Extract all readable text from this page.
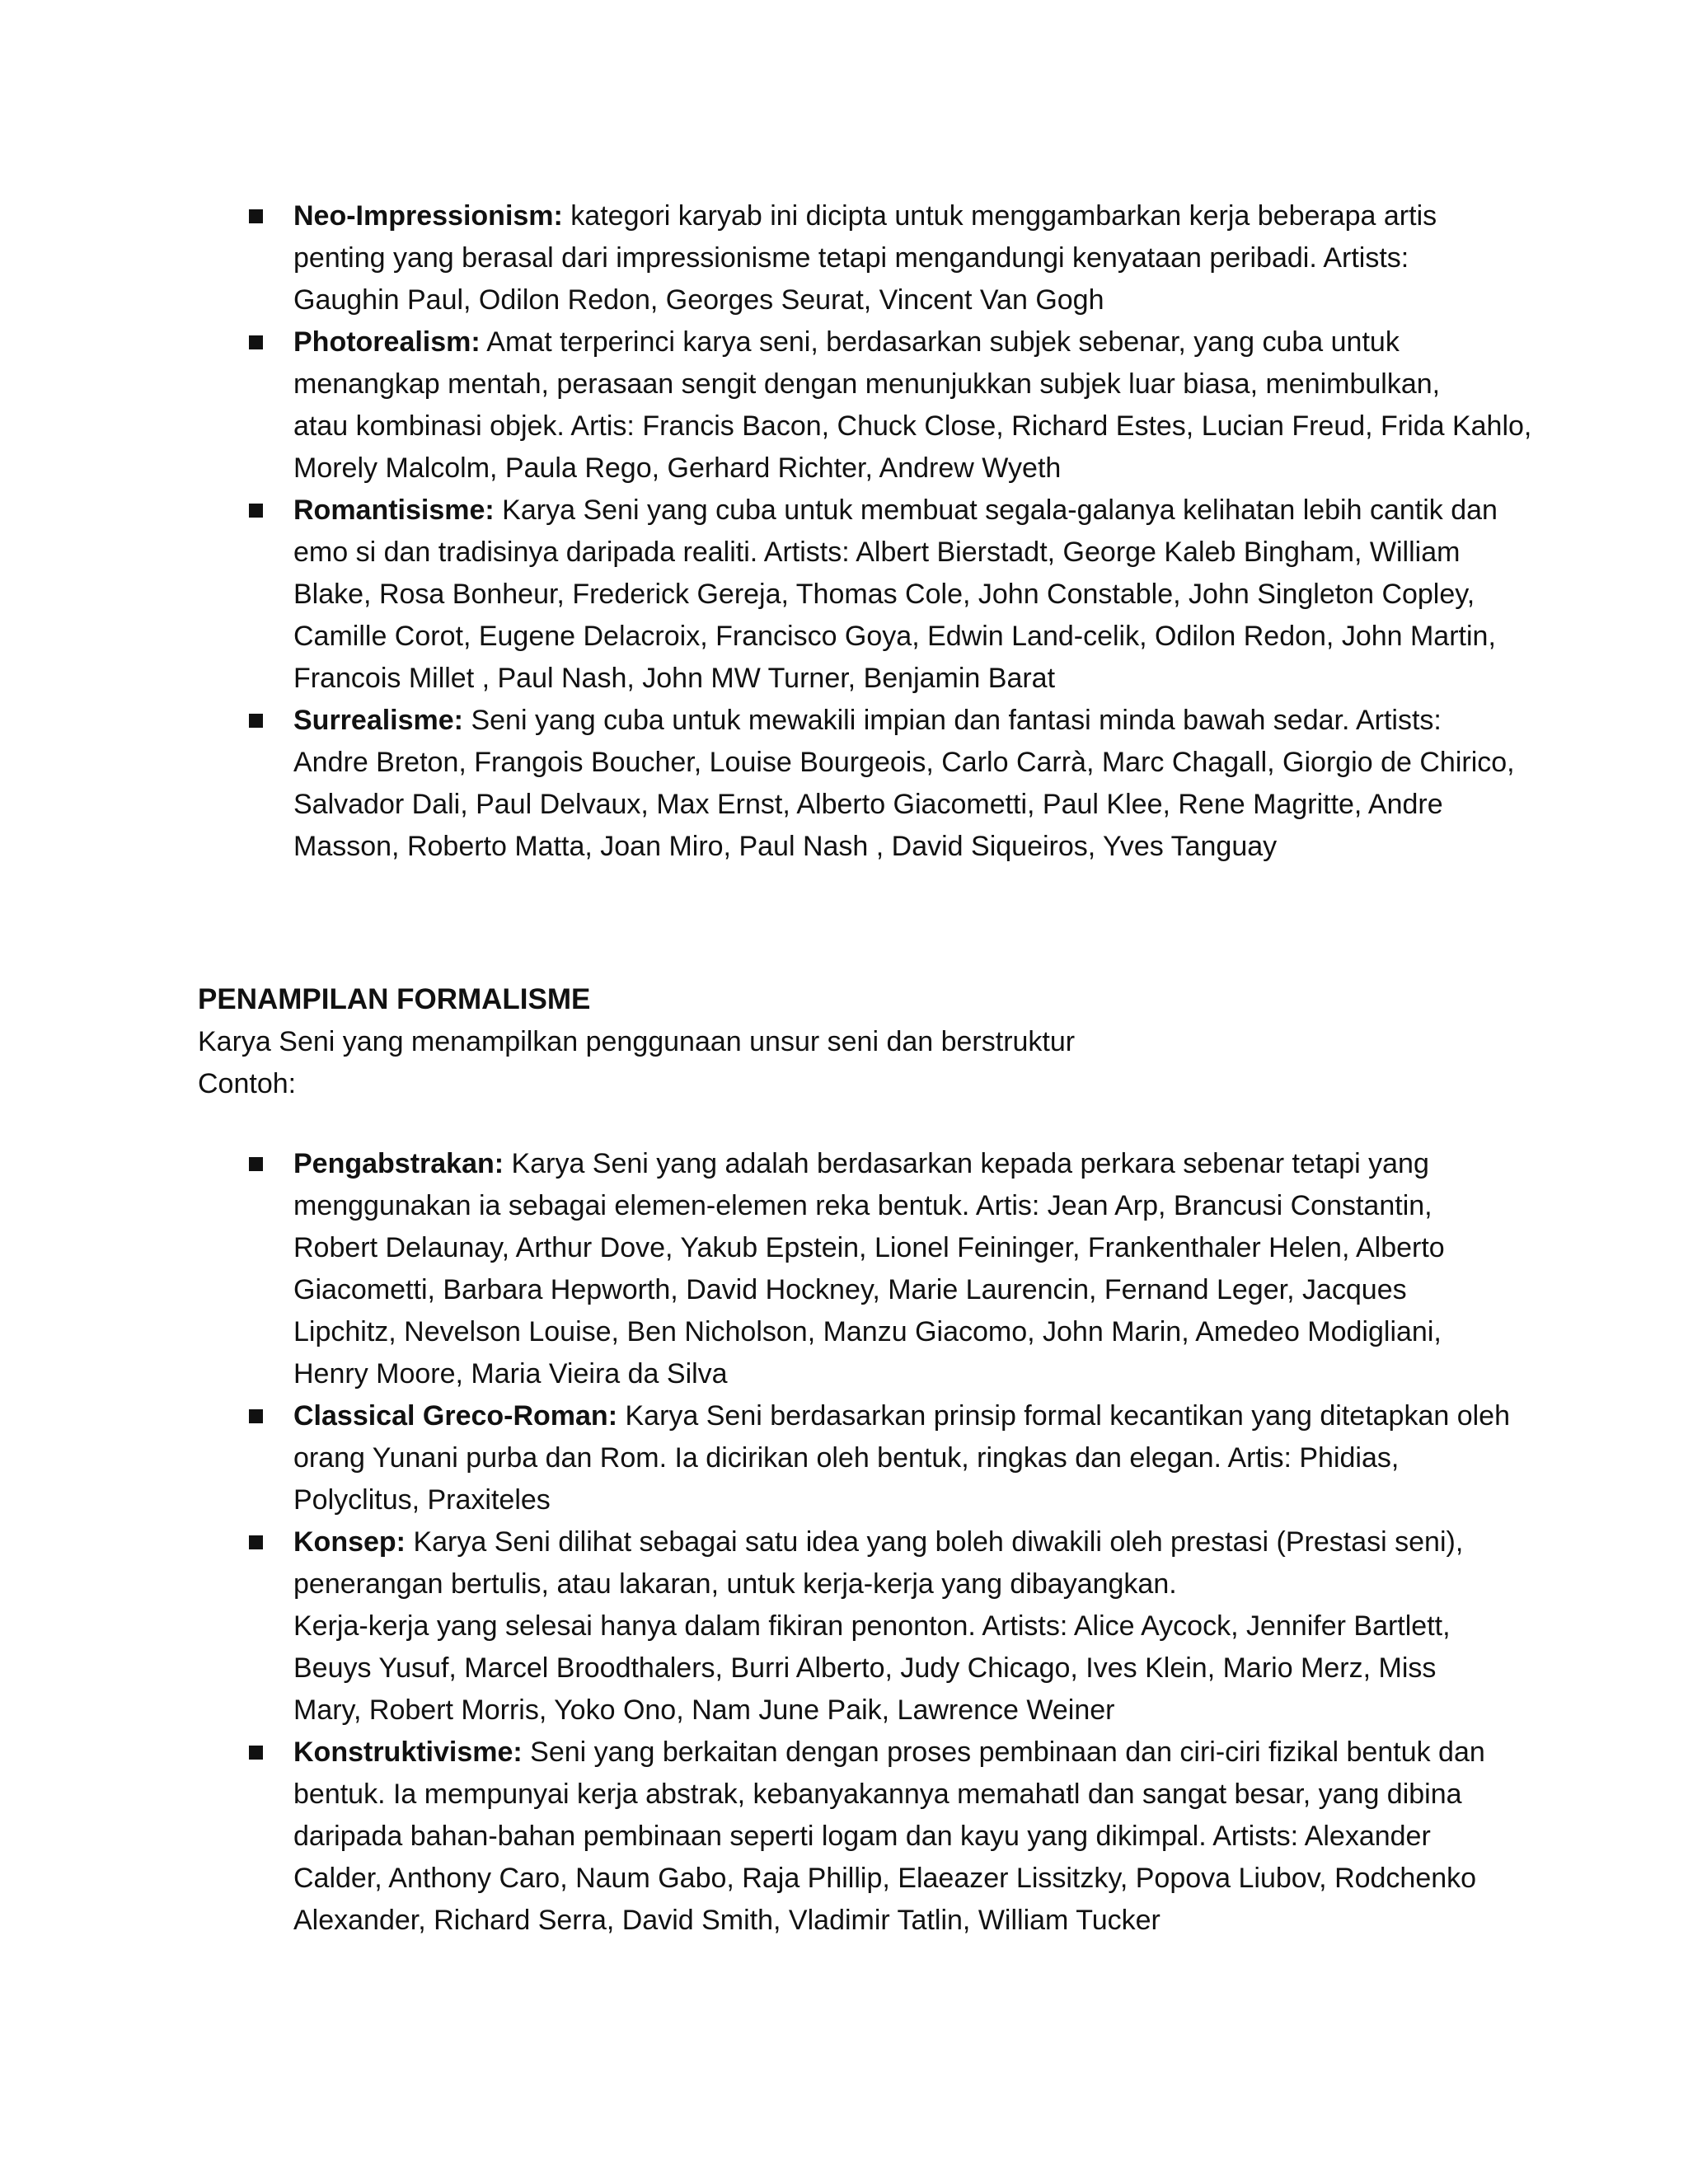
Neo-Impressionism: kategori karyab ini dicipta untuk menggambarkan kerja beberapa artis
penting yang berasal dari impressionisme tetapi mengandungi kenyataan peribadi. Artists:
Gaughin Paul, Odilon Redon, Georges Seurat, Vincent Van Gogh
Photorealism: Amat terperinci karya seni, berdasarkan subjek sebenar, yang cuba untuk
menangkap mentah, perasaan sengit dengan menunjukkan subjek luar biasa, menimbulkan,
atau kombinasi objek. Artis: Francis Bacon, Chuck Close, Richard Estes, Lucian Freud, Frida Kahlo,
Morely Malcolm, Paula Rego, Gerhard Richter, Andrew Wyeth
Romantisisme: Karya Seni yang cuba untuk membuat segala-galanya kelihatan lebih cantik dan
emo si dan tradisinya daripada realiti. Artists: Albert Bierstadt, George Kaleb Bingham, William
Blake, Rosa Bonheur, Frederick Gereja, Thomas Cole, John Constable, John Singleton Copley,
Camille Corot, Eugene Delacroix, Francisco Goya, Edwin Land-celik, Odilon Redon, John Martin,
Francois Millet , Paul Nash, John MW Turner, Benjamin Barat
Surrealisme: Seni yang cuba untuk mewakili impian dan fantasi minda bawah sedar. Artists:
Andre Breton, Frangois Boucher, Louise Bourgeois, Carlo Carrà, Marc Chagall, Giorgio de Chirico,
Salvador Dali, Paul Delvaux, Max Ernst, Alberto Giacometti, Paul Klee, Rene Magritte, Andre
Masson, Roberto Matta, Joan Miro, Paul Nash , David Siqueiros, Yves Tanguay
PENAMPILAN FORMALISME
Karya Seni yang menampilkan penggunaan unsur seni dan berstruktur
Contoh:
Pengabstrakan: Karya Seni yang adalah berdasarkan kepada perkara sebenar tetapi yang
menggunakan ia sebagai elemen-elemen reka bentuk. Artis: Jean Arp, Brancusi Constantin,
Robert Delaunay, Arthur Dove, Yakub Epstein, Lionel Feininger, Frankenthaler Helen, Alberto
Giacometti, Barbara Hepworth, David Hockney, Marie Laurencin, Fernand Leger, Jacques
Lipchitz, Nevelson Louise, Ben Nicholson, Manzu Giacomo, John Marin, Amedeo Modigliani,
Henry Moore, Maria Vieira da Silva
Classical Greco-Roman: Karya Seni berdasarkan prinsip formal kecantikan yang ditetapkan oleh
orang Yunani purba dan Rom. Ia dicirikan oleh bentuk, ringkas dan elegan. Artis: Phidias,
Polyclitus, Praxiteles
Konsep: Karya Seni dilihat sebagai satu idea yang boleh diwakili oleh prestasi (Prestasi seni),
penerangan bertulis, atau lakaran, untuk kerja-kerja yang dibayangkan.
Kerja-kerja yang selesai hanya dalam fikiran penonton. Artists: Alice Aycock, Jennifer Bartlett,
Beuys Yusuf, Marcel Broodthalers, Burri Alberto, Judy Chicago, Ives Klein, Mario Merz, Miss
Mary, Robert Morris, Yoko Ono, Nam June Paik, Lawrence Weiner
Konstruktivisme: Seni yang berkaitan dengan proses pembinaan dan ciri-ciri fizikal bentuk dan
bentuk. Ia mempunyai kerja abstrak, kebanyakannya memahatl dan sangat besar, yang dibina
daripada bahan-bahan pembinaan seperti logam dan kayu yang dikimpal. Artists: Alexander
Calder, Anthony Caro, Naum Gabo, Raja Phillip, Elaeazer Lissitzky, Popova Liubov, Rodchenko
Alexander, Richard Serra, David Smith, Vladimir Tatlin, William Tucker
